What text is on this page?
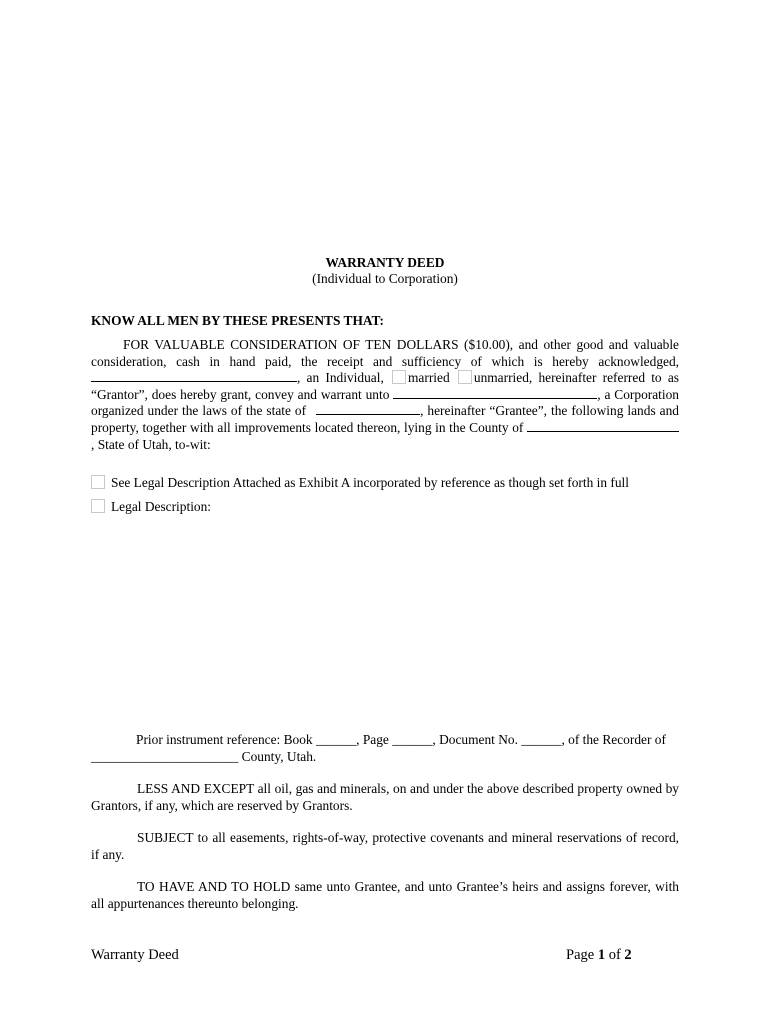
WARRANTY DEED
(Individual to Corporation)
KNOW ALL MEN BY THESE PRESENTS THAT:
FOR VALUABLE CONSIDERATION OF TEN DOLLARS ($10.00), and other good and valuable consideration, cash in hand paid, the receipt and sufficiency of which is hereby acknowledged, , an Individual, married unmarried, hereinafter referred to as “Grantor”, does hereby grant, convey and warrant unto	, a Corporation organized under the laws of the state of	, hereinafter “Grantee”, the following lands and property, together with all improvements located thereon, lying in the County of , State of Utah, to-wit:
See Legal Description Attached as Exhibit A incorporated by reference as though set forth in full
Legal Description:
Prior instrument reference: Book ______, Page ______, Document No. ______, of the Recorder of
______________________ County, Utah.
LESS AND EXCEPT all oil, gas and minerals, on and under the above described property owned by Grantors, if any, which are reserved by Grantors.
SUBJECT to all easements, rights-of-way, protective covenants and mineral reservations of record, if any.
TO HAVE AND TO HOLD same unto Grantee, and unto Grantee’s heirs and assigns forever, with all appurtenances thereunto belonging.
Warranty Deed	Page 1 of 2
